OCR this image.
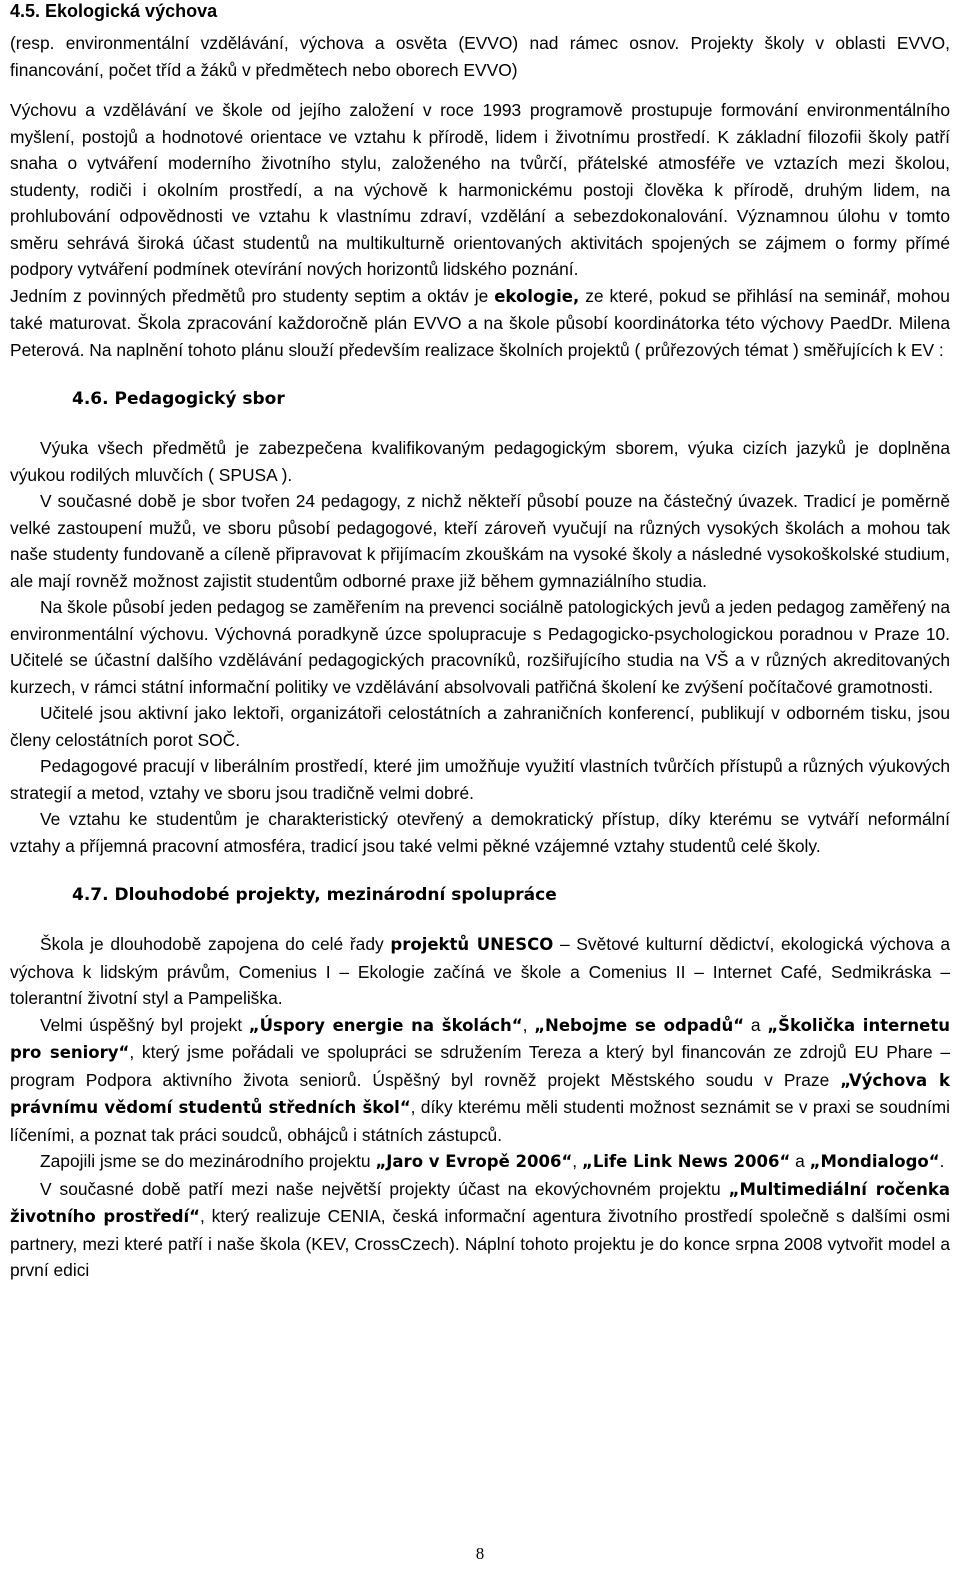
4.5. Ekologická výchova

(resp. environmentální vzdělávání, výchova a osvěta (EVVO) nad rámec osnov. Projekty školy v oblasti EVVO, financování, počet tříd a žáků v předmětech nebo oborech EVVO)

Výchovu a vzdělávání ve škole od jejího založení v roce 1993 programově prostupuje formování environmentálního myšlení, postojů a hodnotové orientace ve vztahu k přírodě, lidem i životnímu prostředí. K základní filozofii školy patří snaha o vytváření moderního životního stylu, založeného na tvůrčí, přátelské atmosféře ve vztazích mezi školou, studenty, rodiči i okolním prostředí, a na výchově k harmonickému postoji člověka k přírodě, druhým lidem, na prohlubování odpovědnosti ve vztahu k vlastnímu zdraví, vzdělání a sebezdokonalování. Významnou úlohu v tomto směru sehrává široká účast studentů na multikulturně orientovaných aktivitách spojených se zájmem o formy přímé podpory vytváření podmínek otevírání nových horizontů lidského poznání.

Jedním z povinných předmětů pro studenty septim a oktáv je ekologie, ze které, pokud se přihlásí na seminář, mohou také maturovat. Škola zpracování každoročně plán EVVO a na škole působí koordinátorka této výchovy PaedDr. Milena Peterová. Na naplnění tohoto plánu slouží především realizace školních projektů ( průřezových témat ) směřujících k EV :

4.6. Pedagogický sbor

Výuka všech předmětů je zabezpečena kvalifikovaným pedagogickým sborem, výuka cizích jazyků je doplněna výukou rodilých mluvčích ( SPUSA ).

V současné době je sbor tvořen 24 pedagogy, z nichž někteří působí pouze na částečný úvazek. Tradicí je poměrně velké zastoupení mužů, ve sboru působí pedagogové, kteří zároveň vyučují na různých vysokých školách a mohou tak naše studenty fundovaně a cíleně připravovat k přijímacím zkouškám na vysoké školy a následné vysokoškolské studium, ale mají rovněž možnost zajistit studentům odborné praxe již během gymnaziálního studia.

Na škole působí jeden pedagog se zaměřením na prevenci sociálně patologických jevů a jeden pedagog zaměřený na environmentální výchovu. Výchovná poradkyně úzce spolupracuje s Pedagogicko-psychologickou poradnou v Praze 10. Učitelé se účastní dalšího vzdělávání pedagogických pracovníků, rozšiřujícího studia na VŠ a v různých akreditovaných kurzech, v rámci státní informační politiky ve vzdělávání absolvovali patřičná školení ke zvýšení počítačové gramotnosti.

Učitelé jsou aktivní jako lektoři, organizátoři celostátních a zahraničních konferencí, publikují v odborném tisku, jsou členy celostátních porot SOČ.

Pedagogové pracují v liberálním prostředí, které jim umožňuje využití vlastních tvůrčích přístupů a různých výukových strategií a metod, vztahy ve sboru jsou tradičně velmi dobré.

Ve vztahu ke studentům je charakteristický otevřený a demokratický přístup, díky kterému se vytváří neformální vztahy a příjemná pracovní atmosféra, tradicí jsou také velmi pěkné vzájemné vztahy studentů celé školy.

4.7. Dlouhodobé projekty, mezinárodní spolupráce

Škola je dlouhodobě zapojena do celé řady projektů UNESCO – Světové kulturní dědictví, ekologická výchova a výchova k lidským právům, Comenius I – Ekologie začíná ve škole a Comenius II – Internet Café, Sedmikráska – tolerantní životní styl a Pampeliška.

Velmi úspěšný byl projekt „Úspory energie na školách“, „Nebojme se odpadů“ a „Školička internetu pro seniory“, který jsme pořádali ve spolupráci se sdružením Tereza a který byl financován ze zdrojů EU Phare – program Podpora aktivního života seniorů. Úspěšný byl rovněž projekt Městského soudu v Praze „Výchova k právnímu vědomí studentů středních škol“, díky kterému měli studenti možnost seznámit se v praxi se soudními líčeními, a poznat tak práci soudců, obhájců i státních zástupců.

Zapojili jsme se do mezinárodního projektu „Jaro v Evropě 2006“, „Life Link News 2006“ a „Mondialogo“.

V současné době patří mezi naše největší projekty účast na ekovýchovném projektu „Multimediální ročenka životního prostředí“, který realizuje CENIA, česká informační agentura životního prostředí společně s dalšími osmi partnery, mezi které patří i naše škola (KEV, CrossCzech). Náplní tohoto projektu je do konce srpna 2008 vytvořit model a první edici

8
